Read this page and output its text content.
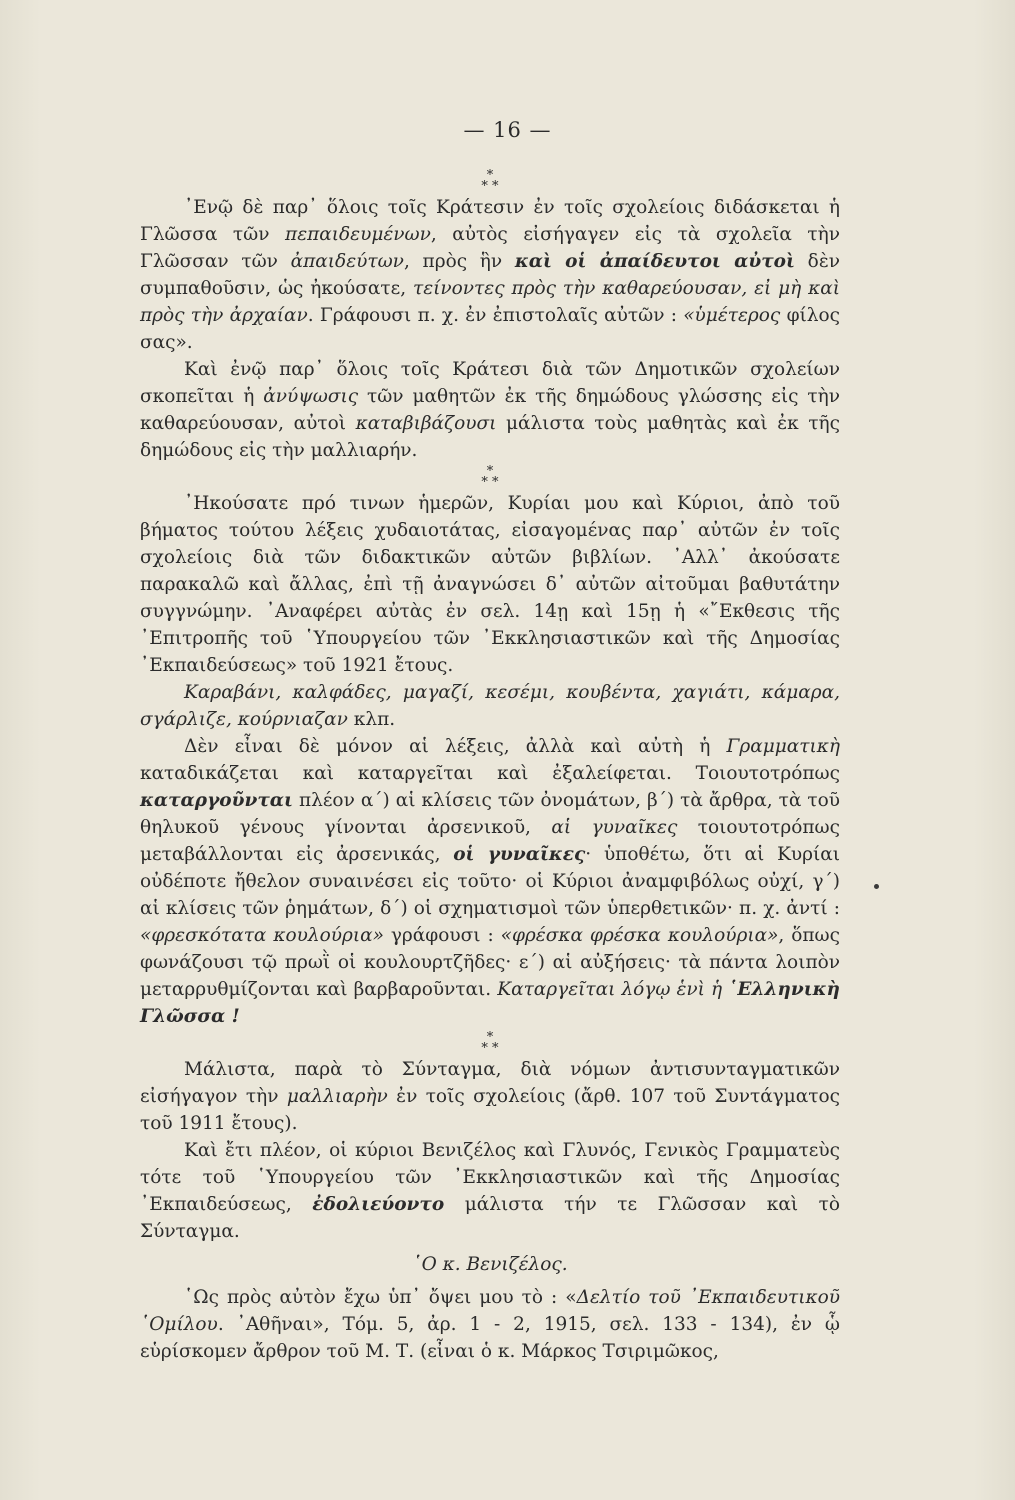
— 16 —
*
* *

᾿Ενῷ δὲ παρ᾿ ὅλοις τοῖς Κράτεσιν ἐν τοῖς σχολείοις διδάσκεται ἡ Γλῶσσα τῶν πεπαιδευμένων, αὐτὸς εἰσήγαγεν εἰς τὰ σχολεῖα τὴν Γλῶσσαν τῶν ἀπαιδεύτων, πρὸς ἣν καὶ οἱ ἀπαίδευτοι αὐτοὶ δὲν συμπαθοῦσιν, ὡς ἠκούσατε, τείνοντες πρὸς τὴν καθαρεύουσαν, εἰ μὴ καὶ πρὸς τὴν ἀρχαίαν. Γράφουσι π. χ. ἐν ἐπιστολαῖς αὐτῶν : «ὑμέτερος φίλος σας».

Καὶ ἐνῷ παρ᾿ ὅλοις τοῖς Κράτεσι διὰ τῶν Δημοτικῶν σχολείων σκοπεῖται ἡ ἀνύψωσις τῶν μαθητῶν ἐκ τῆς δημώδους γλώσσης εἰς τὴν καθαρεύουσαν, αὐτοὶ καταβιβάζουσι μάλιστα τοὺς μαθητὰς καὶ ἐκ τῆς δημώδους εἰς τὴν μαλλιαρήν.

*
* *

᾿Ηκούσατε πρό τινων ἡμερῶν, Κυρίαι μου καὶ Κύριοι, ἀπὸ τοῦ βήματος τούτου λέξεις χυδαιοτάτας, εἰσαγομένας παρ᾿ αὐτῶν ἐν τοῖς σχολείοις διὰ τῶν διδακτικῶν αὐτῶν βιβλίων. ᾿Αλλ᾿ ἀκούσατε παρακαλῶ καὶ ἄλλας, ἐπὶ τῇ ἀναγνώσει δ᾿ αὐτῶν αἰτοῦμαι βαθυτάτην συγγνώμην. ᾿Αναφέρει αὐτὰς ἐν σελ. 14ῃ καὶ 15ῃ ἡ «῎Εκθεσις τῆς ᾿Επιτροπῆς τοῦ ῾Υπουργείου τῶν ᾿Εκκλησιαστικῶν καὶ τῆς Δημοσίας ᾿Εκπαιδεύσεως» τοῦ 1921 ἔτους.

Καραβάνι, καλφάδες, μαγαζί, κεσέμι, κουβέντα, χαγιάτι, κάμαρα, σγάρλιζε, κούρνιαζαν κλπ.

Δὲν εἶναι δὲ μόνον αἱ λέξεις, ἀλλὰ καὶ αὐτὴ ἡ Γραμματικὴ καταδικάζεται καὶ καταργεῖται καὶ ἐξαλείφεται. Τοιουτοτρόπως καταργοῦνται πλέον α΄) αἱ κλίσεις τῶν ὀνομάτων, β΄) τὰ ἄρθρα, τὰ τοῦ θηλυκοῦ γένους γίνονται ἀρσενικοῦ, αἱ γυναῖκες τοιουτοτρόπως μεταβάλλονται εἰς ἀρσενικάς, οἱ γυναῖκες· ὑποθέτω, ὅτι αἱ Κυρίαι οὐδέποτε ἤθελον συναινέσει εἰς τοῦτο· οἱ Κύριοι ἀναμφιβόλως οὐχί, γ΄) αἱ κλίσεις τῶν ῥημάτων, δ΄) οἱ σχηματισμοὶ τῶν ὑπερθετικῶν· π. χ. ἀντί : «φρεσκότατα κουλούρια» γράφουσι : «φρέσκα φρέσκα κουλούρια», ὅπως φωνάζουσι τῷ πρωῒ οἱ κουλουρτζῆδες· ε΄) αἱ αὐξήσεις· τὰ πάντα λοιπὸν μεταρρυθμίζονται καὶ βαρβαροῦνται. Καταργεῖται λόγῳ ἑνὶ ἡ ῾Ελληνικὴ Γλῶσσα !

*
* *

Μάλιστα, παρὰ τὸ Σύνταγμα, διὰ νόμων ἀντισυνταγματικῶν εἰσήγαγον τὴν μαλλιαρὴν ἐν τοῖς σχολείοις (ἄρθ. 107 τοῦ Συντάγματος τοῦ 1911 ἔτους).

Καὶ ἔτι πλέον, οἱ κύριοι Βενιζέλος καὶ Γλυνός, Γενικὸς Γραμματεὺς τότε τοῦ ῾Υπουργείου τῶν ᾿Εκκλησιαστικῶν καὶ τῆς Δημοσίας ᾿Εκπαιδεύσεως, ἐδολιεύοντο μάλιστα τήν τε Γλῶσσαν καὶ τὸ Σύνταγμα.

῾Ο κ. Βενιζέλος.

῾Ως πρὸς αὐτὸν ἔχω ὑπ᾿ ὄψει μου τὸ : «Δελτίο τοῦ ᾿Εκπαιδευτικοῦ ῾Ομίλου. ᾿Αθῆναι», Τόμ. 5, ἀρ. 1 - 2, 1915, σελ. 133 - 134), ἐν ᾧ εὑρίσκομεν ἄρθρον τοῦ Μ. Τ. (εἶναι ὁ κ. Μάρκος Τσιριμῶκος,
